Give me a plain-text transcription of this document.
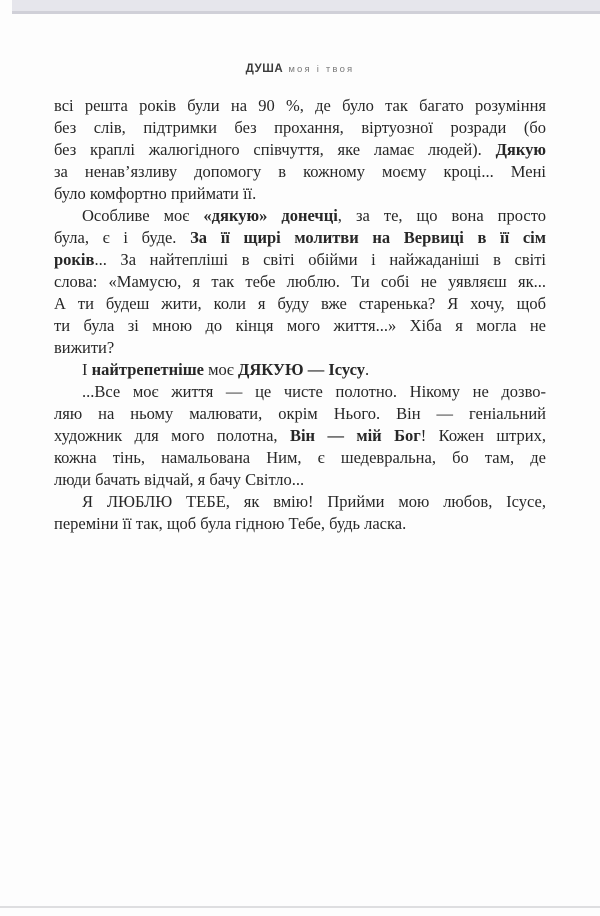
ДУША моя і твоя
всі решта років були на 90 %, де було так багато розуміння
без слів, підтримки без прохання, віртуозної розради (бо
без краплі жалюгідного співчуття, яке ламає людей). Дякую
за ненав’язливу допомогу в кожному моєму кроці... Мені
було комфортно приймати її.
Особливе моє «дякую» донечці, за те, що вона просто
була, є і буде. За її щирі молитви на Вервиці в її сім
років... За найтепліші в світі обійми і найжаданіші в світі
слова: «Мамусю, я так тебе люблю. Ти собі не уявляєш як...
А ти будеш жити, коли я буду вже старенька? Я хочу, щоб
ти була зі мною до кінця мого життя...» Хіба я могла не
вижити?
І найтрепетніше моє ДЯКУЮ — Ісусу.
...Все моє життя — це чисте полотно. Нікому не дозво-
ляю на ньому малювати, окрім Нього. Він — геніальний
художник для мого полотна, Він — мій Бог! Кожен штрих,
кожна тінь, намальована Ним, є шедевральна, бо там, де
люди бачать відчай, я бачу Світло...
Я ЛЮБЛЮ ТЕБЕ, як вмію! Прийми мою любов, Ісусе,
переміни її так, щоб була гідною Тебе, будь ласка.
